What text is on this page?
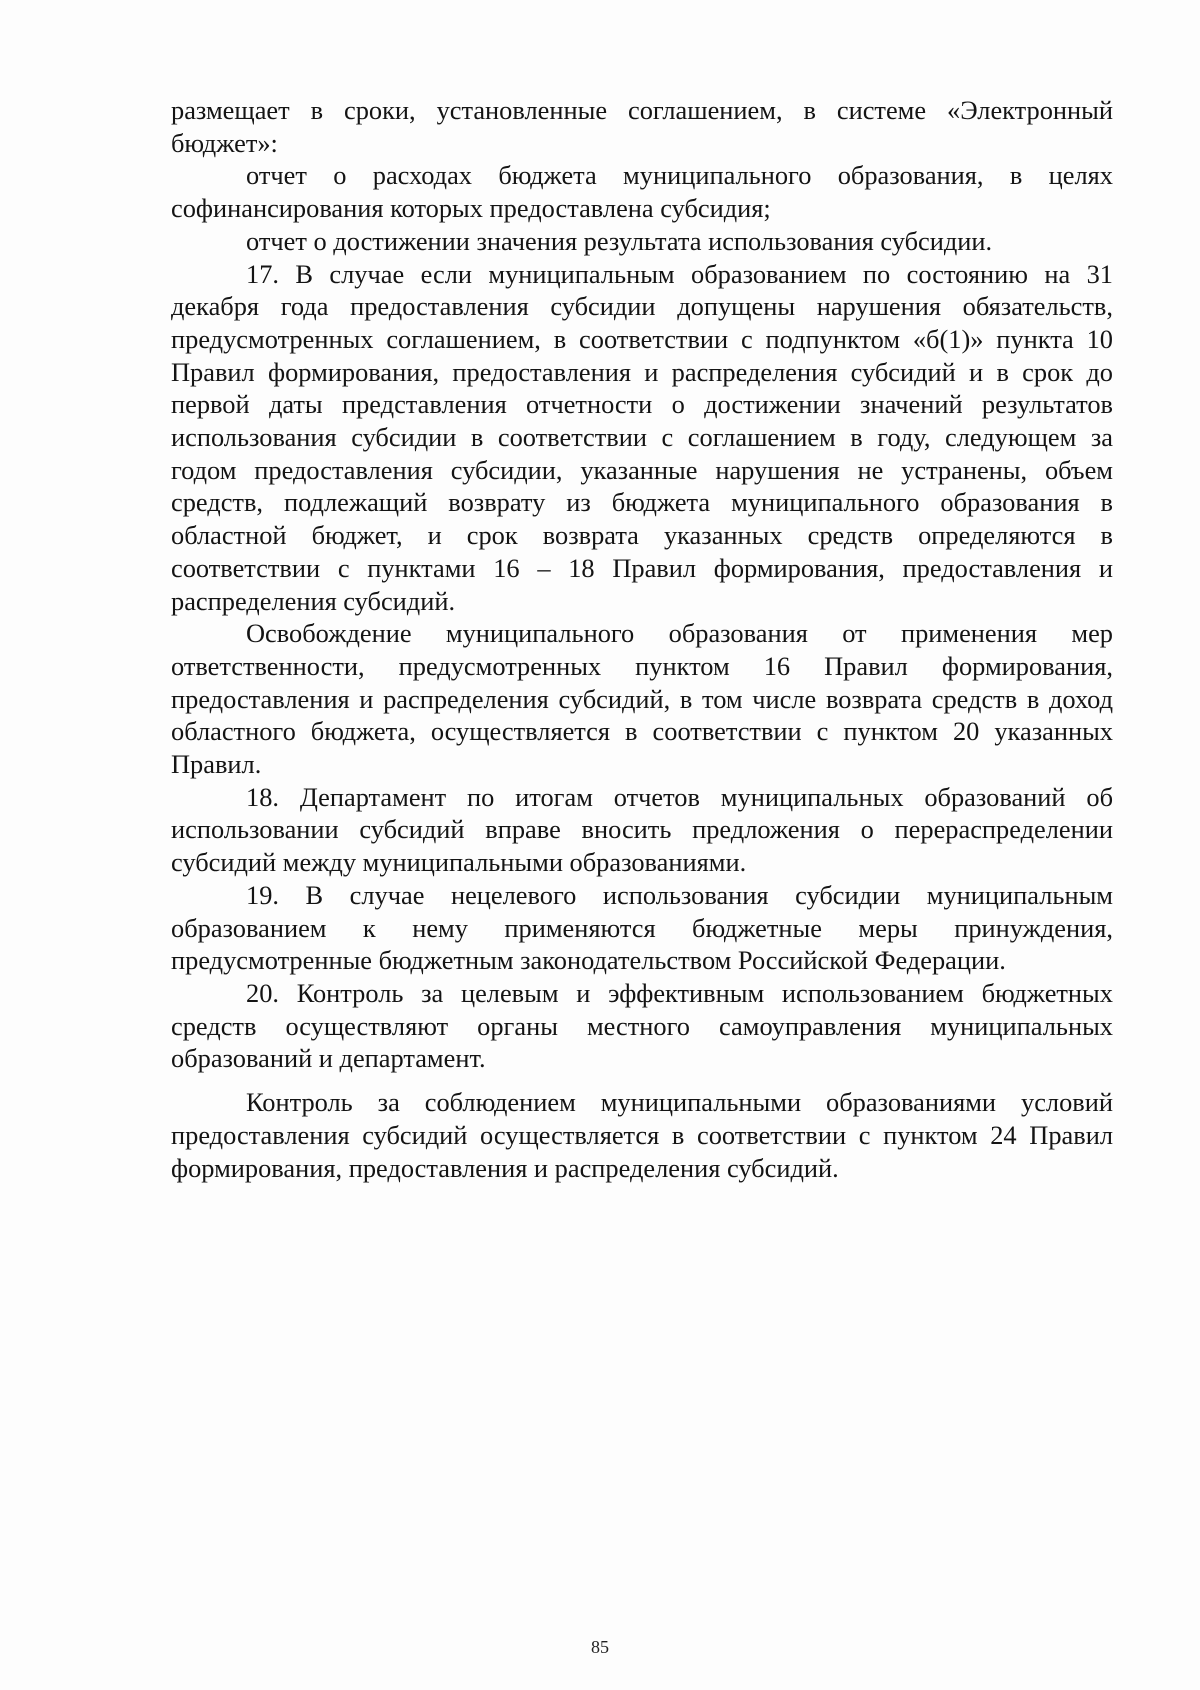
размещает в сроки, установленные соглашением, в системе «Электронный бюджет»:

отчет о расходах бюджета муниципального образования, в целях софинансирования которых предоставлена субсидия;

отчет о достижении значения результата использования субсидии.

17. В случае если муниципальным образованием по состоянию на 31 декабря года предоставления субсидии допущены нарушения обязательств, предусмотренных соглашением, в соответствии с подпунктом «б(1)» пункта 10 Правил формирования, предоставления и распределения субсидий и в срок до первой даты представления отчетности о достижении значений результатов использования субсидии в соответствии с соглашением в году, следующем за годом предоставления субсидии, указанные нарушения не устранены, объем средств, подлежащий возврату из бюджета муниципального образования в областной бюджет, и срок возврата указанных средств определяются в соответствии с пунктами 16 – 18 Правил формирования, предоставления и распределения субсидий.

Освобождение муниципального образования от применения мер ответственности, предусмотренных пунктом 16 Правил формирования, предоставления и распределения субсидий, в том числе возврата средств в доход областного бюджета, осуществляется в соответствии с пунктом 20 указанных Правил.

18. Департамент по итогам отчетов муниципальных образований об использовании субсидий вправе вносить предложения о перераспределении субсидий между муниципальными образованиями.

19. В случае нецелевого использования субсидии муниципальным образованием к нему применяются бюджетные меры принуждения, предусмотренные бюджетным законодательством Российской Федерации.

20. Контроль за целевым и эффективным использованием бюджетных средств осуществляют органы местного самоуправления муниципальных образований и департамент.

Контроль за соблюдением муниципальными образованиями условий предоставления субсидий осуществляется в соответствии с пунктом 24 Правил формирования, предоставления и распределения субсидий.

85
